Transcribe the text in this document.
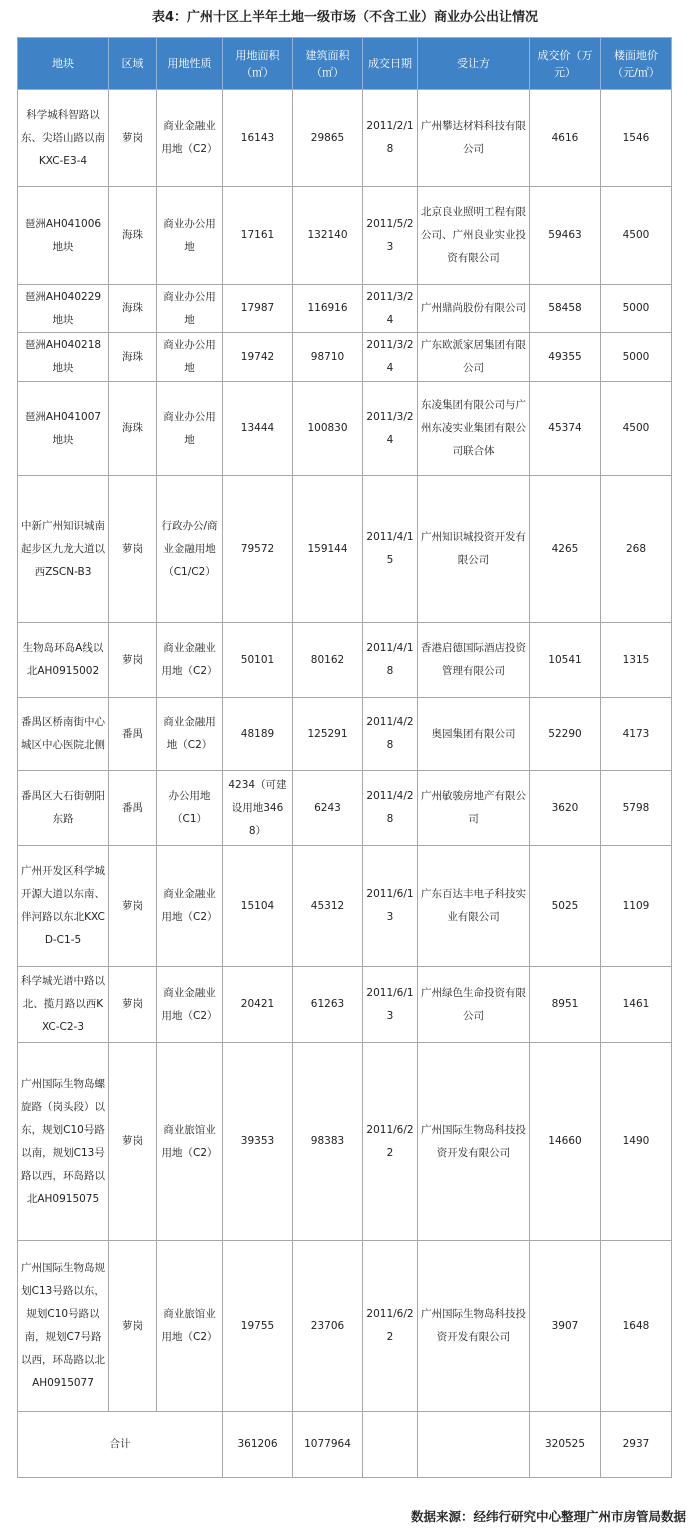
表4：广州十区上半年土地一级市场（不含工业）商业办公出让情况
地块	区域	用地性质	用地面积（㎡）	建筑面积（㎡）	成交日期	受让方	成交价（万元）	楼面地价（元/㎡）
科学城科智路以东、尖塔山路以南KXC-E3-4	萝岗	商业金融业用地（C2）	16143	29865	2011/2/18	广州攀达材料科技有限公司	4616	1546
琶洲AH041006地块	海珠	商业办公用地	17161	132140	2011/5/23	北京良业照明工程有限公司、广州良业实业投资有限公司	59463	4500
琶洲AH040229地块	海珠	商业办公用地	17987	116916	2011/3/24	广州鼎尚股份有限公司	58458	5000
琶洲AH040218地块	海珠	商业办公用地	19742	98710	2011/3/24	广东欧派家居集团有限公司	49355	5000
琶洲AH041007地块	海珠	商业办公用地	13444	100830	2011/3/24	东凌集团有限公司与广州东凌实业集团有限公司联合体	45374	4500
中新广州知识城南起步区九龙大道以西ZSCN-B3	萝岗	行政办公/商业金融用地（C1/C2）	79572	159144	2011/4/15	广州知识城投资开发有限公司	4265	268
生物岛环岛A线以北AH0915002	萝岗	商业金融业用地（C2）	50101	80162	2011/4/18	香港启德国际酒店投资管理有限公司	10541	1315
番禺区桥南街中心城区中心医院北侧	番禺	商业金融用地（C2）	48189	125291	2011/4/28	奥园集团有限公司	52290	4173
番禺区大石街朝阳东路	番禺	办公用地（C1）	4234（可建设用地3468）	6243	2011/4/28	广州敏骏房地产有限公司	3620	5798
广州开发区科学城开源大道以东南、伴河路以东北KXCD-C1-5	萝岗	商业金融业用地（C2）	15104	45312	2011/6/13	广东百达丰电子科技实业有限公司	5025	1109
科学城光谱中路以北、揽月路以西KXC-C2-3	萝岗	商业金融业用地（C2）	20421	61263	2011/6/13	广州绿色生命投资有限公司	8951	1461
广州国际生物岛螺旋路（岗头段）以东，规划C10号路以南，规划C13号路以西，环岛路以北AH0915075	萝岗	商业旅馆业用地（C2）	39353	98383	2011/6/22	广州国际生物岛科技投资开发有限公司	14660	1490
广州国际生物岛规划C13号路以东，规划C10号路以南，规划C7号路以西，环岛路以北AH0915077	萝岗	商业旅馆业用地（C2）	19755	23706	2011/6/22	广州国际生物岛科技投资开发有限公司	3907	1648
合计			361206	1077964			320525	2937
数据来源：经纬行研究中心整理广州市房管局数据
